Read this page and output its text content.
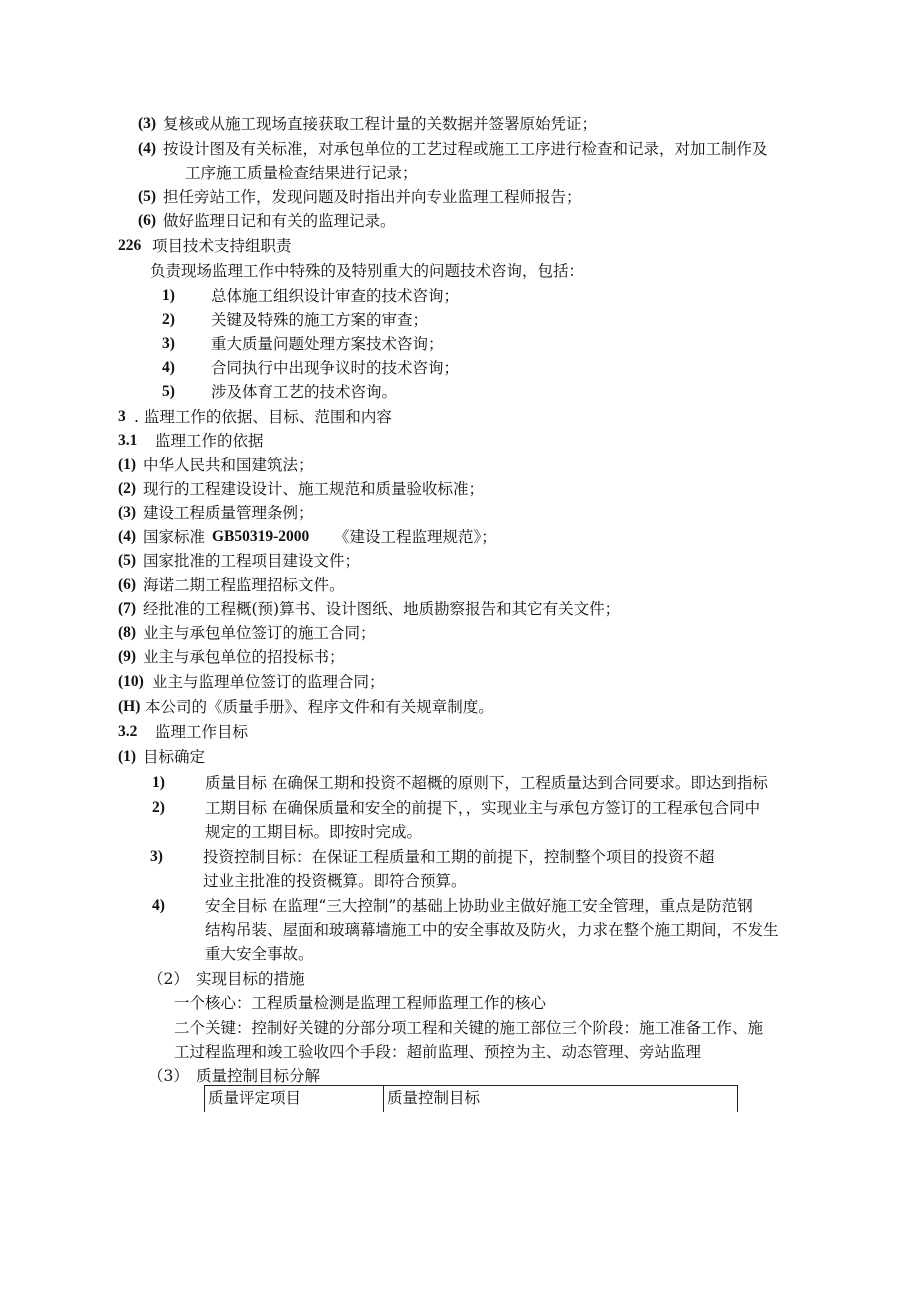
(3) 复核或从施工现场直接获取工程计量的关数据并签署原始凭证；
(4) 按设计图及有关标准，对承包单位的工艺过程或施工工序进行检查和记录，对加工制作及
工序施工质量检查结果进行记录；
(5) 担任旁站工作，发现问题及时指出并向专业监理工程师报告；
(6) 做好监理日记和有关的监理记录。
226 项目技术支持组职责
负责现场监理工作中特殊的及特别重大的问题技术咨询，包括：
1) 总体施工组织设计审查的技术咨询；
2) 关键及特殊的施工方案的审查；
3) 重大质量问题处理方案技术咨询；
4) 合同执行中出现争议时的技术咨询；
5) 涉及体育工艺的技术咨询。
3 . 监理工作的依据、目标、范围和内容
3.1 监理工作的依据
(1) 中华人民共和国建筑法；
(2) 现行的工程建设设计、施工规范和质量验收标准；
(3) 建设工程质量管理条例；
(4) 国家标准 GB50319-2000 《建设工程监理规范》；
(5) 国家批准的工程项目建设文件；
(6) 海诺二期工程监理招标文件。
(7) 经批准的工程概(预)算书、设计图纸、地质勘察报告和其它有关文件；
(8) 业主与承包单位签订的施工合同；
(9) 业主与承包单位的招投标书；
(10) 业主与监理单位签订的监理合同；
(H) 本公司的《质量手册》、程序文件和有关规章制度。
3.2 监理工作目标
(1) 目标确定
1)	质量目标 在确保工期和投资不超概的原则下，工程质量达到合同要求。即达到指标
2)	工期目标 在确保质量和安全的前提下，，实现业主与承包方签订的工程承包合同中
规定的工期目标。即按时完成。
3)	投资控制目标：在保证工程质量和工期的前提下，控制整个项目的投资不超
过业主批准的投资概算。即符合预算。
4)	安全目标 在监理“三大控制”的基础上协助业主做好施工安全管理，重点是防范钢
结构吊装、屋面和玻璃幕墙施工中的安全事故及防火，力求在整个施工期间，不发生
重大安全事故。
（2） 实现目标的措施
一个核心：工程质量检测是监理工程师监理工作的核心
二个关键：控制好关键的分部分项工程和关键的施工部位三个阶段：施工准备工作、施
工过程监理和竣工验收四个手段：超前监理、预控为主、动态管理、旁站监理
（3） 质量控制目标分解
质量评定项目	质量控制目标
